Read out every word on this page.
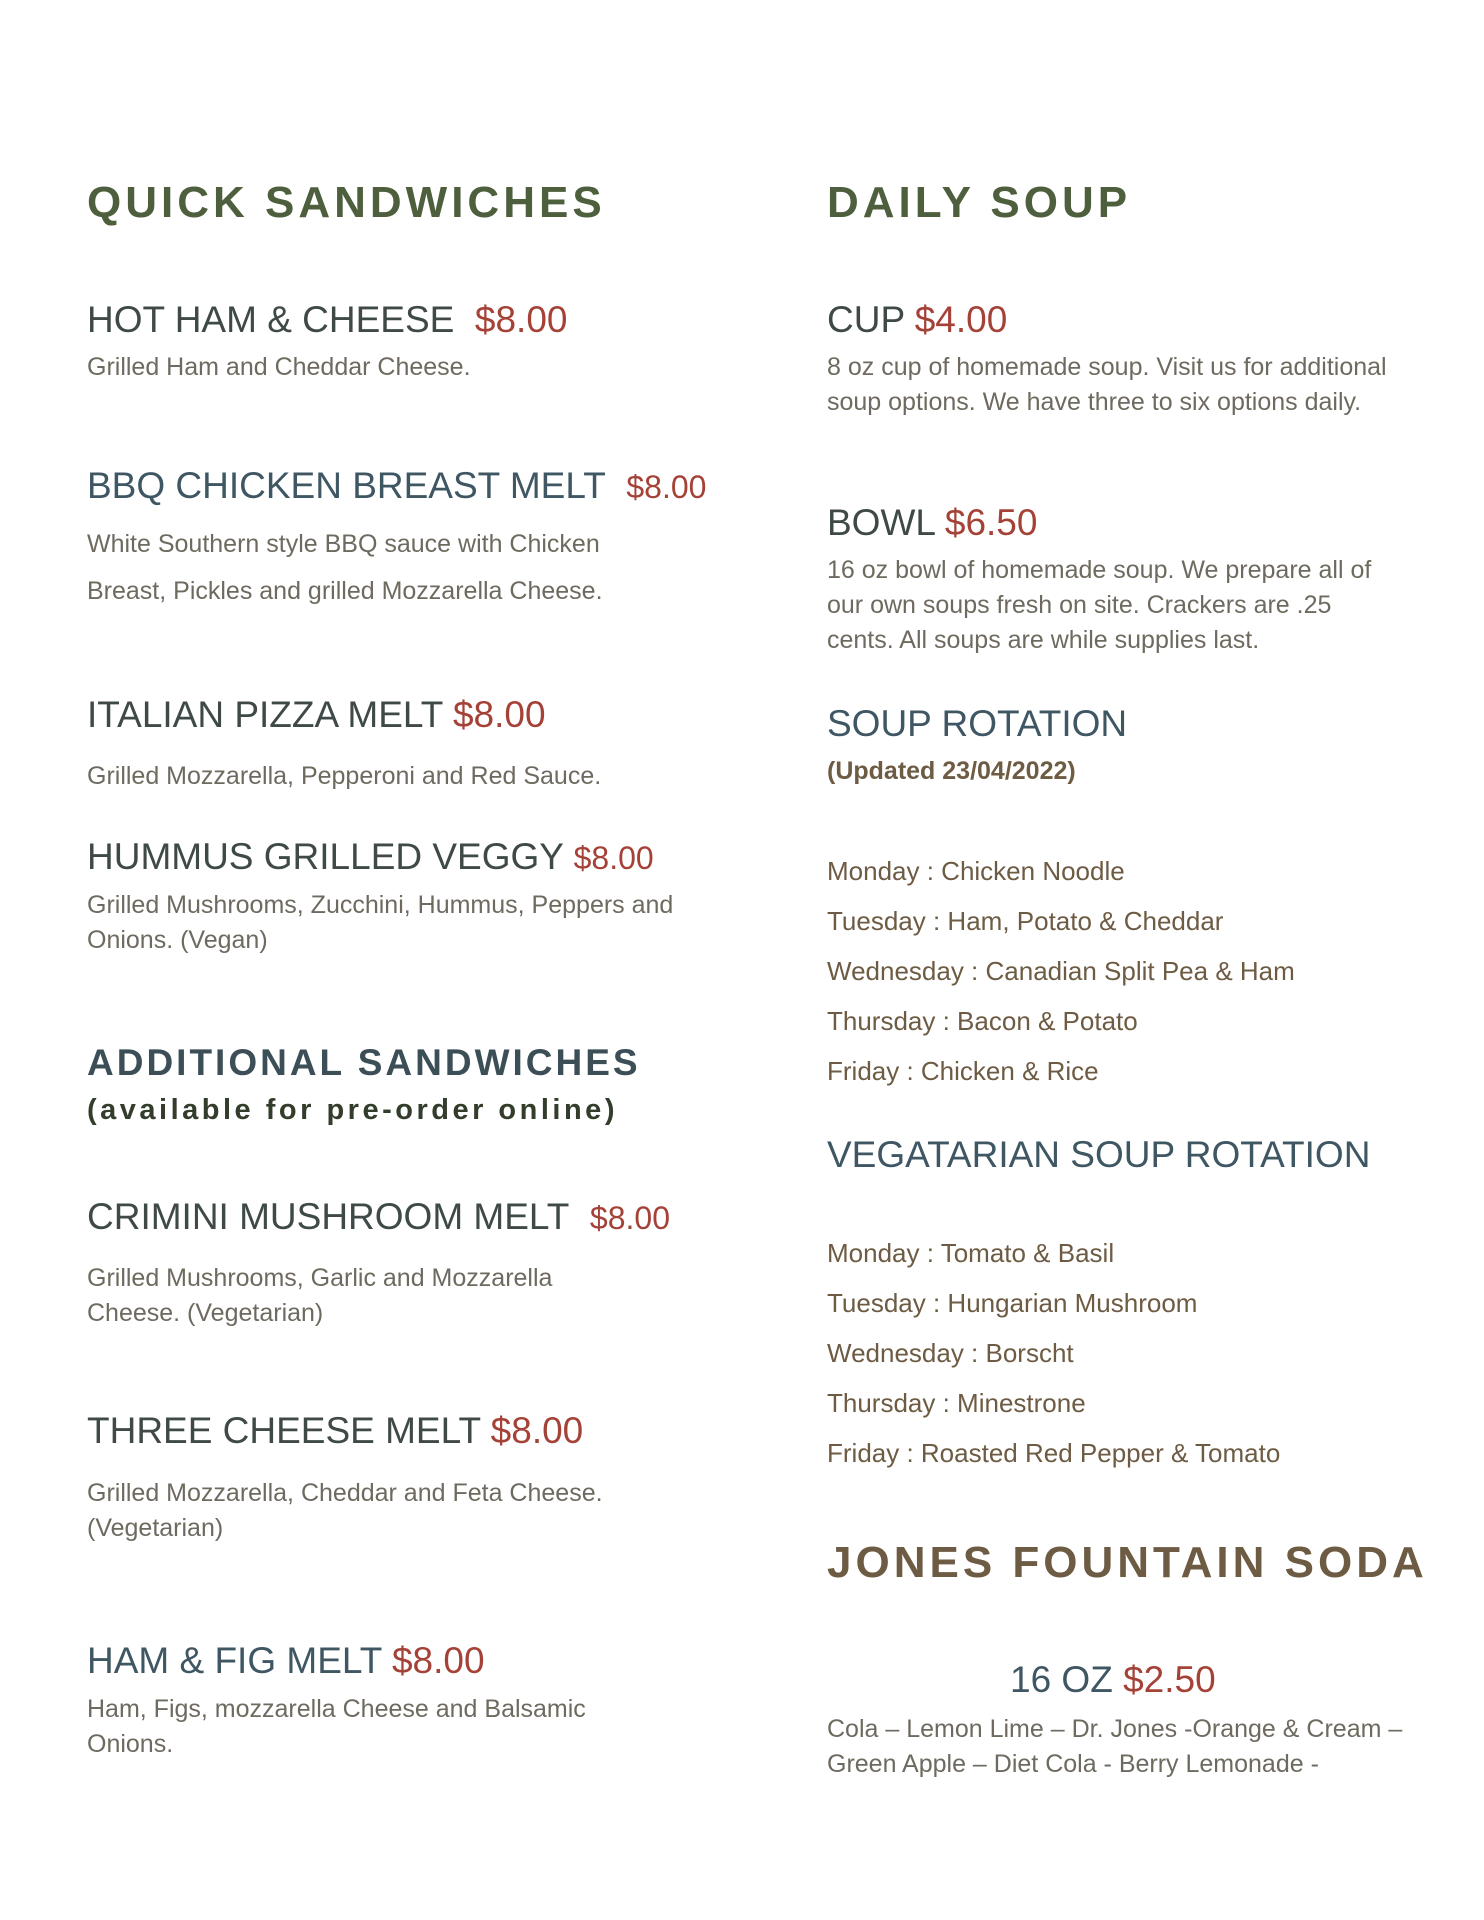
QUICK SANDWICHES
HOT HAM & CHEESE $8.00
Grilled Ham and Cheddar Cheese.
BBQ CHICKEN BREAST MELT $8.00
White Southern style BBQ sauce with Chicken Breast, Pickles and grilled Mozzarella Cheese.
ITALIAN PIZZA MELT $8.00
Grilled Mozzarella, Pepperoni and Red Sauce.
HUMMUS GRILLED VEGGY $8.00
Grilled Mushrooms, Zucchini, Hummus, Peppers and Onions. (Vegan)
ADDITIONAL SANDWICHES
(available for pre-order online)
CRIMINI MUSHROOM MELT $8.00
Grilled Mushrooms, Garlic and Mozzarella Cheese. (Vegetarian)
THREE CHEESE MELT $8.00
Grilled Mozzarella, Cheddar and Feta Cheese. (Vegetarian)
HAM & FIG MELT $8.00
Ham, Figs, mozzarella Cheese and Balsamic Onions.
DAILY SOUP
CUP $4.00
8 oz cup of homemade soup. Visit us for additional soup options. We have three to six options daily.
BOWL $6.50
16 oz bowl of homemade soup. We prepare all of our own soups fresh on site. Crackers are .25 cents. All soups are while supplies last.
SOUP ROTATION
(Updated 23/04/2022)
Monday : Chicken Noodle
Tuesday : Ham, Potato & Cheddar
Wednesday : Canadian Split Pea & Ham
Thursday : Bacon & Potato
Friday : Chicken & Rice
VEGATARIAN SOUP ROTATION
Monday : Tomato & Basil
Tuesday : Hungarian Mushroom
Wednesday : Borscht
Thursday : Minestrone
Friday : Roasted Red Pepper & Tomato
JONES FOUNTAIN SODA
16 OZ $2.50
Cola – Lemon Lime – Dr. Jones -Orange & Cream – Green Apple – Diet Cola - Berry Lemonade -
